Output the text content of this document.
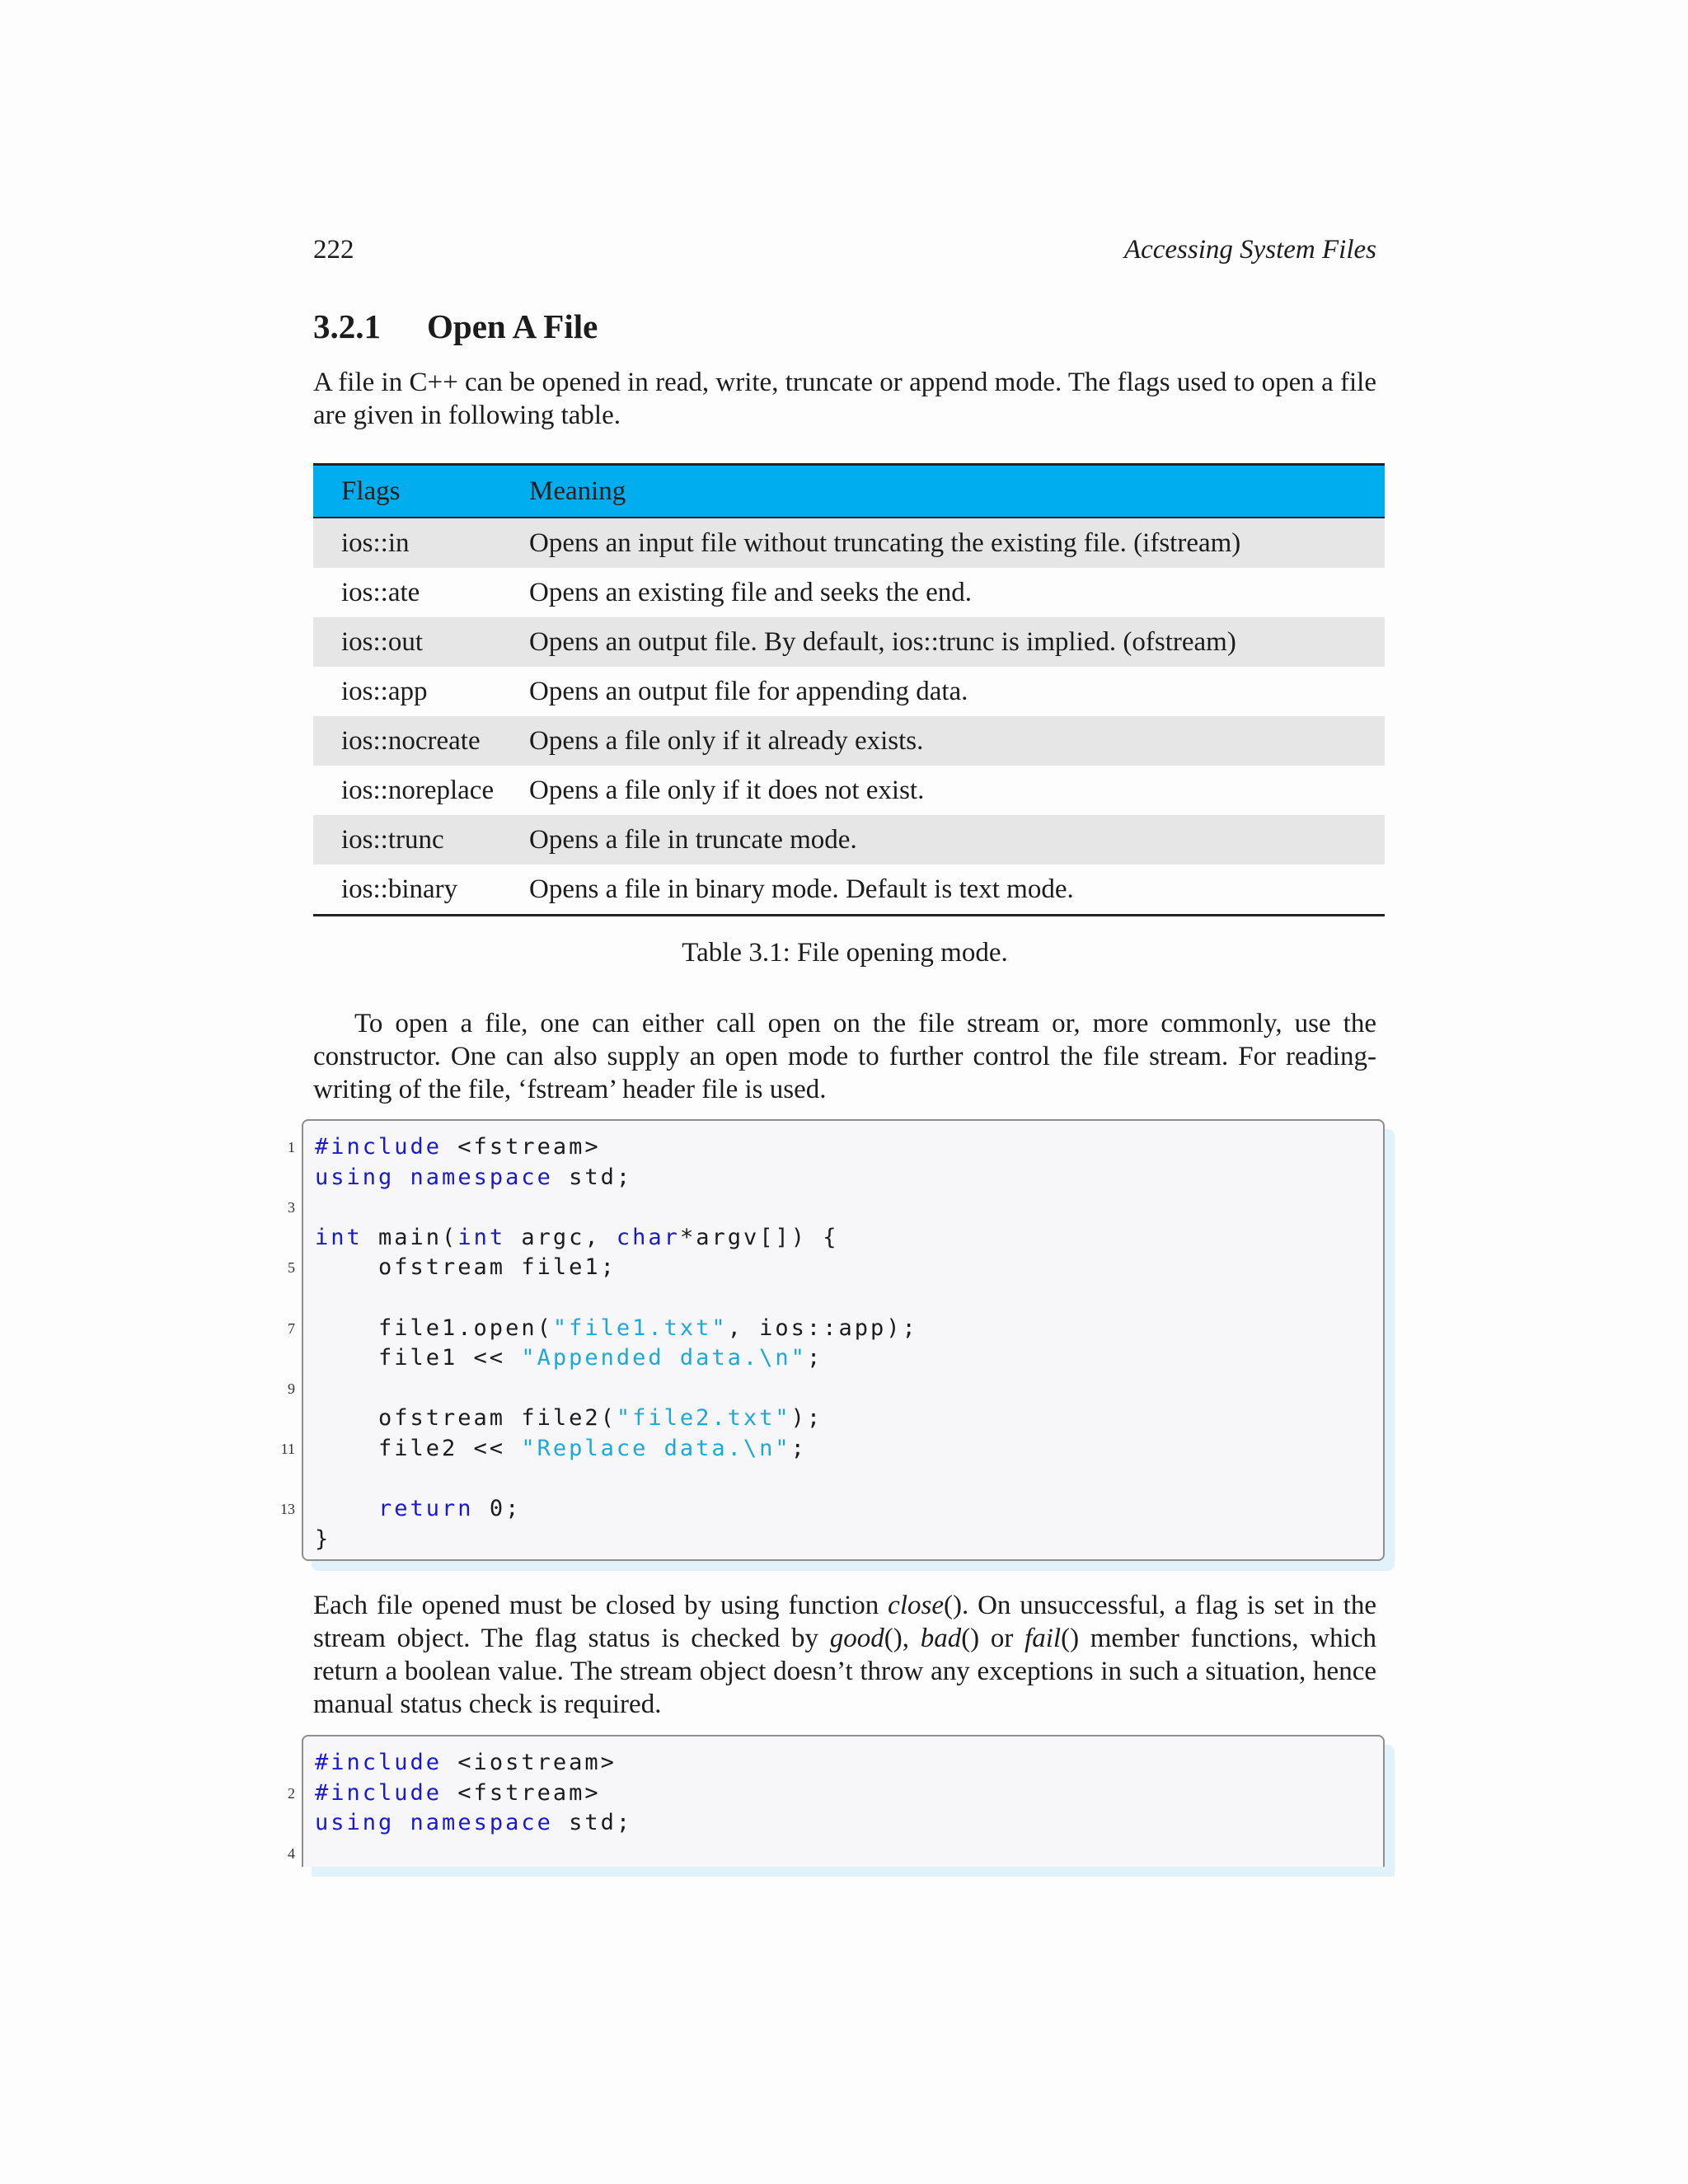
222	Accessing System Files
3.2.1 Open A File

A file in C++ can be opened in read, write, truncate or append mode. The flags used to open a file are given in following table.

Flags	Meaning
ios::in	Opens an input file without truncating the existing file. (ifstream)
ios::ate	Opens an existing file and seeks the end.
ios::out	Opens an output file. By default, ios::trunc is implied. (ofstream)
ios::app	Opens an output file for appending data.
ios::nocreate	Opens a file only if it already exists.
ios::noreplace	Opens a file only if it does not exist.
ios::trunc	Opens a file in truncate mode.
ios::binary	Opens a file in binary mode. Default is text mode.
Table 3.1: File opening mode.

To open a file, one can either call open on the file stream or, more commonly, use the constructor. One can also supply an open mode to further control the file stream. For reading-writing of the file, ‘fstream’ header file is used.

1 #include <fstream>
using namespace std;
3

int main(int argc, char*argv[]) {
5 ofstream file1;

7 file1.open("file1.txt", ios::app);
file1 << "Appended data.\n";
9

ofstream file2("file2.txt");
11 file2 << "Replace data.\n";

13	return 0;
}

Each file opened must be closed by using function close(). On unsuccessful, a flag is set in the stream object. The flag status is checked by good(), bad() or fail() member functions, which return a boolean value. The stream object doesn’t throw any exceptions in such a situation, hence manual status check is required.

#include <iostream>
2 #include <fstream>
using namespace std;
4
